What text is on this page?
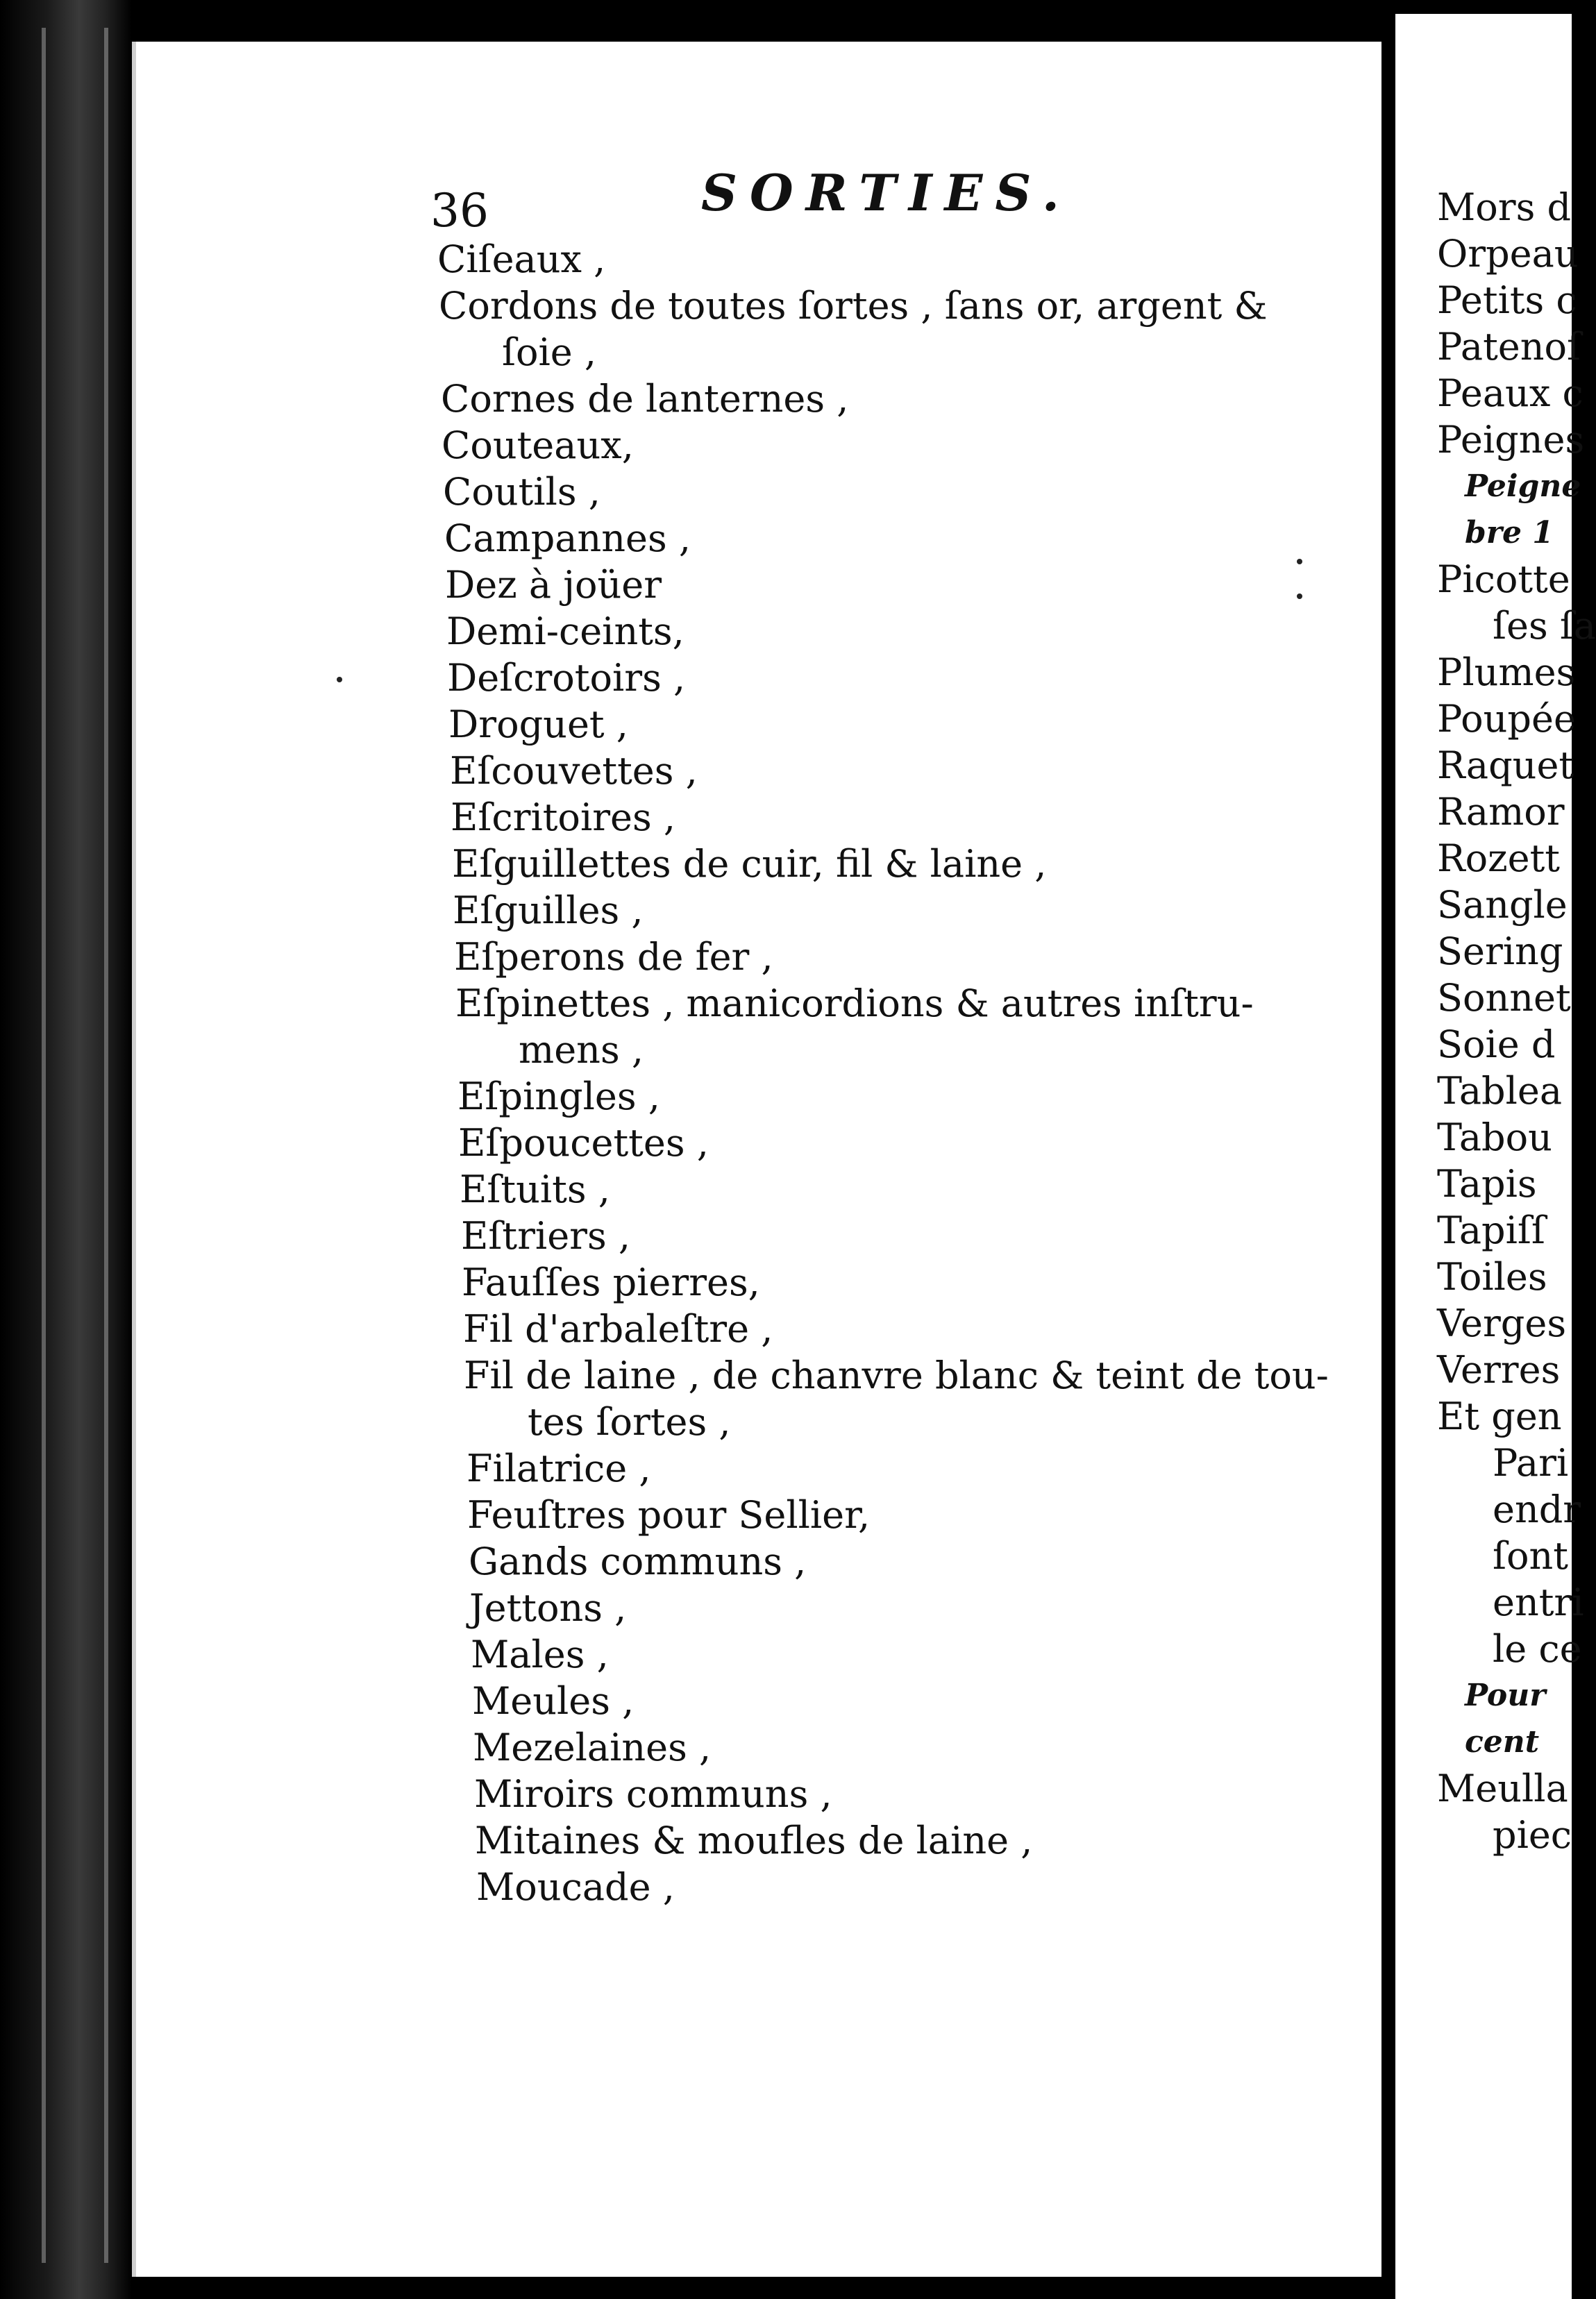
36	SORTIES.
Ciſeaux ,
Cordons de toutes ſortes , ſans or, argent &
ſoie ,
Cornes de lanternes ,
Couteaux,
Coutils ,
Campannes ,
Dez à joüer
Demi-ceints,
Deſcrotoirs ,
Droguet ,
Eſcouvettes ,
Eſcritoires ,
Eſguillettes de cuir, fil & laine ,
Eſguilles ,
Eſperons de fer ,
Eſpinettes , manicordions & autres inſtru-
mens ,
Eſpingles ,
Eſpoucettes ,
Eſtuits ,
Eſtriers ,
Fauſſes pierres,
Fil d'arbaleſtre ,
Fil de laine , de chanvre blanc & teint de tou-
tes ſortes ,
Filatrice ,
Feuſtres pour Sellier,
Gands communs ,
Jettons ,
Males ,
Meules ,
Mezelaines ,
Miroirs communs ,
Mitaines & moufles de laine ,
Moucade ,
Mors d
Orpeau
Petits c
Patenoſ
Peaux c
Peignes
Peigne
bre 1
Picotte
ſes ſa
Plumes
Poupée
Raquet
Ramor
Rozett
Sangle
Sering
Sonnet
Soie d
Tablea
Tabou
Tapis
Tapiſſ
Toiles
Verges
Verres
Et gen
Pari
endr
ſont
entri
le ce
Pour
cent
Meulla
piec
